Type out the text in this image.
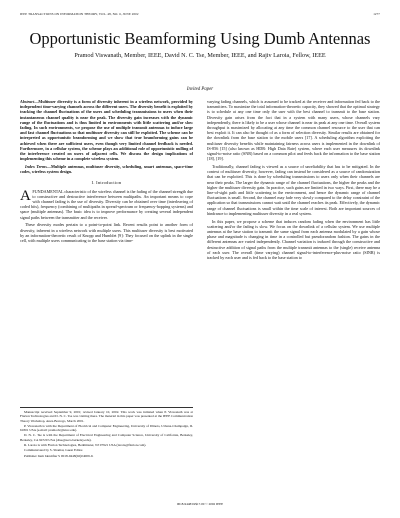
IEEE TRANSACTIONS ON INFORMATION THEORY, VOL. 48, NO. 6, JUNE 2002	1277
Opportunistic Beamforming Using Dumb Antennas
Pramod Viswanath, Member, IEEE, David N. C. Tse, Member, IEEE, and Rajiv Laroia, Fellow, IEEE
Invited Paper

Abstract—Multiuser diversity is a form of diversity inherent in a wireless network, provided by independent time-varying channels across the different users. The diversity benefit is exploited by tracking the channel fluctuations of the users and scheduling transmissions to users when their instantaneous channel quality is near the peak. The diversity gain increases with the dynamic range of the fluctuations and is thus limited in environments with little scattering and/or slow fading. In such environments, we propose the use of multiple transmit antennas to induce large and fast channel fluctuations so that multiuser diversity can still be exploited. The scheme can be interpreted as opportunistic beamforming and we show that true beamforming gains can be achieved when there are sufficient users, even though very limited channel feedback is needed. Furthermore, in a cellular system, the scheme plays an additional role of opportunistic nulling of the interference created on users of adjacent cells. We discuss the design implications of implementing this scheme in a complete wireless system.

Index Terms—Multiple antennas, multiuser diversity, scheduling, smart antennas, space-time codes, wireless system design.

I. Introduction

AFUNDAMENTAL characteristic of the wireless channel is the fading of the channel strength due to constructive and destructive interference between multipaths. An important means to cope with channel fading is the use of diversity. Diversity can be obtained over time (interleaving of coded bits), frequency (combining of multipaths in spread-spectrum or frequency-hopping systems) and space (multiple antennas). The basic idea is to improve performance by creating several independent signal paths between the transmitter and the receiver.

These diversity modes pertain to a point-to-point link. Recent results point to another form of diversity, inherent in a wireless network with multiple users. This multiuser diversity is best motivated by an information-theoretic result of Knopp and Humblet [9]: They focused on the uplink in the single cell, with multiple users communicating to the base station via time-

Manuscript received September 9, 2001; revised January 10, 2002. This work was initiated when P. Viswanath was at Flarion Technologies and D. N. C. Tse was visiting there. The material in this paper was presented at the IEEE Communication Theory Workshop, Anza-Borrego, March 2001.

P. Viswanath is with the Department of Electrical and Computer Engineering, University of Illinois, Urbana-Champaign, IL 61801 USA (e-mail: pramodv@uiuc.edu).

D. N. C. Tse is with the Department of Electrical Engineering and Computer Science, University of California, Berkeley, Berkeley, CA 94720 USA (dtse@eecs.berkeley.edu).

R. Laroia is with Flarion Technologies, Bedminster, NJ 07921 USA (laroia@flarion.com).

Communicated by S. Shamai, Guest Editor.

Publisher Item Identifier S 0018-9448(02)04009-9.

varying fading channels, which is assumed to be tracked at the receiver and information fed back to the transmitters. To maximize the total information-theoretic capacity, they showed that the optimal strategy is to schedule at any one time only the user with the best channel to transmit to the base station. Diversity gain arises from the fact that in a system with many users, whose channels vary independently, there is likely to be a user whose channel is near its peak at any one time. Overall system throughput is maximized by allocating at any time the common channel resource to the user that can best exploit it. It can also be thought of as a form of selection diversity. Similar results are obtained for the downlink from the base station to the mobile users [17]. A scheduling algorithm exploiting the multiuser diversity benefits while maintaining fairness across users is implemented in the downlink of IS-856 [15] (also known as HDR: High Data Rate) system, where each user measures its downlink signal-to-noise ratio (SNR) based on a common pilot and feeds back the information to the base station [18], [19].

Traditionally, channel fading is viewed as a source of unreliability that has to be mitigated. In the context of multiuser diversity, however, fading can instead be considered as a source of randomization that can be exploited. This is done by scheduling transmissions to users only when their channels are near their peaks. The larger the dynamic range of the channel fluctuations, the higher the peaks and the higher the multiuser diversity gain. In practice, such gains are limited in two ways. First, there may be a line-of-sight path and little scattering in the environment, and hence the dynamic range of channel fluctuations is small. Second, the channel may fade very slowly compared to the delay constraint of the application so that transmissions cannot wait until the channel reaches its peak. Effectively, the dynamic range of channel fluctuations is small within the time scale of interest. Both are important sources of hindrance to implementing multiuser diversity in a real system.

In this paper, we propose a scheme that induces random fading when the environment has little scattering and/or the fading is slow. We focus on the downlink of a cellular system. We use multiple antennas at the base station to transmit the same signal from each antenna modulated by a gain whose phase and magnitude is changing in time in a controlled but pseudorandom fashion. The gains in the different antennas are varied independently. Channel variation is induced through the constructive and destructive addition of signal paths from the multiple transmit antennas to the (single) receive antenna of each user. The overall (time varying) channel signal-to-interference-plus-noise ratio (SINR) is tracked by each user and is fed back to the base station to

0018-9448/02$17.00 © 2002 IEEE
